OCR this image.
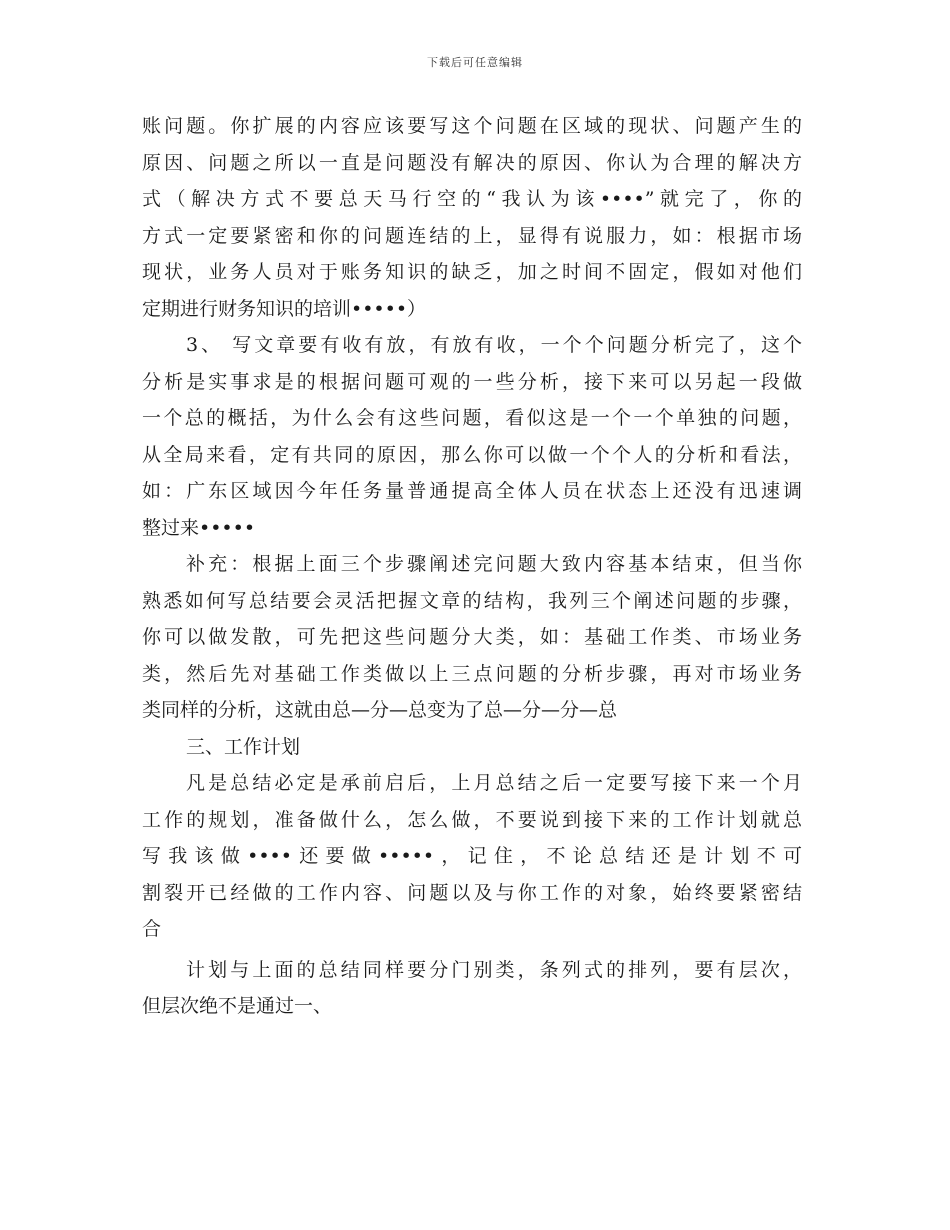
下载后可任意编辑
账问题。你扩展的内容应该要写这个问题在区域的现状、问题产生的
原因、问题之所以一直是问题没有解决的原因、你认为合理的解决方
式（解决方式不要总天马行空的“我认为该••••”就完了，你的
方式一定要紧密和你的问题连结的上，显得有说服力，如：根据市场
现状，业务人员对于账务知识的缺乏，加之时间不固定，假如对他们
定期进行财务知识的培训•••••）
3、 写文章要有收有放，有放有收，一个个问题分析完了，这个
分析是实事求是的根据问题可观的一些分析，接下来可以另起一段做
一个总的概括，为什么会有这些问题，看似这是一个一个单独的问题，
从全局来看，定有共同的原因，那么你可以做一个个人的分析和看法，
如：广东区域因今年任务量普通提高全体人员在状态上还没有迅速调
整过来•••••
补充：根据上面三个步骤阐述完问题大致内容基本结束，但当你
熟悉如何写总结要会灵活把握文章的结构，我列三个阐述问题的步骤，
你可以做发散，可先把这些问题分大类，如：基础工作类、市场业务
类，然后先对基础工作类做以上三点问题的分析步骤，再对市场业务
类同样的分析，这就由总—分—总变为了总—分—分—总
三、工作计划
凡是总结必定是承前启后，上月总结之后一定要写接下来一个月
工作的规划，准备做什么，怎么做，不要说到接下来的工作计划就总
写我该做••••还要做•••••，记住，不论总结还是计划不可
割裂开已经做的工作内容、问题以及与你工作的对象，始终要紧密结
合
计划与上面的总结同样要分门别类，条列式的排列，要有层次，
但层次绝不是通过一、
